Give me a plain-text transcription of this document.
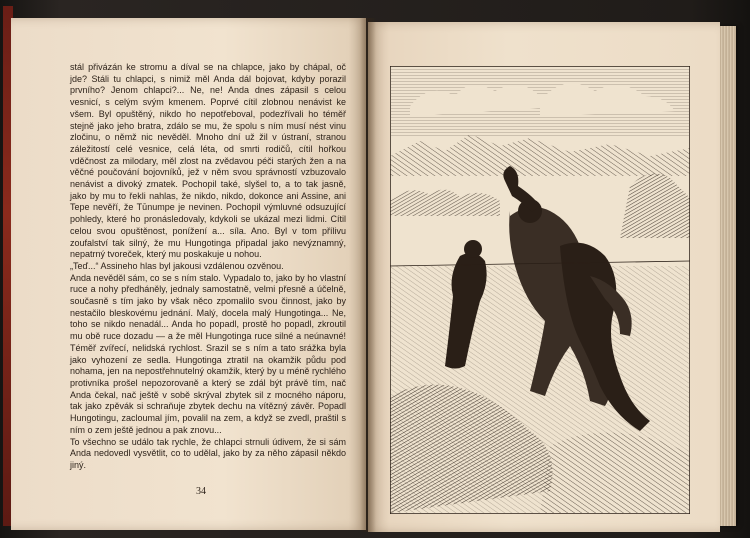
stál přivázán ke stromu a díval se na chlapce, jako by chápal, oč jde? Stáli tu chlapci, s nimiž měl Anda dál bojovat, kdyby porazil prvního? Jenom chlapci?... Ne, ne! Anda dnes zápasil s celou vesnicí, s celým svým kmenem. Poprvé cítil zlobnou nenávist ke všem. Byl opuštěný, nikdo ho nepotřeboval, podezřívali ho téměř stejně jako jeho bratra, zdálo se mu, že spolu s ním musí nést vinu zločinu, o němž nic nevěděl. Mnoho dní už žil v ústraní, stranou záležitostí celé vesnice, celá léta, od smrti rodičů, cítil hořkou vděčnost za milodary, měl zlost na zvědavou péči starých žen a na věčné poučování bojovníků, jež v něm svou správností vzbuzovalo nenávist a divoký zmatek. Pochopil také, slyšel to, a to tak jasně, jako by mu to řekli nahlas, že nikdo, nikdo, dokonce ani Assine, ani Tepe nevěří, že Tūnumpe je nevinen. Pochopil výmluvné odsuzující pohledy, které ho pronásledovaly, kdykoli se ukázal mezi lidmi. Cítil celou svou opuštěnost, ponížení a... síla. Ano. Byl v tom přílivu zoufalství tak silný, že mu Hungotinga připadal jako nevýznamný, nepatrný tvoreček, který mu poskakuje u nohou.

„Teď...“ Assineho hlas byl jakousi vzdálenou ozvěnou.

Anda nevěděl sám, co se s ním stalo. Vypadalo to, jako by ho vlastní ruce a nohy předháněly, jednaly samostatně, velmi přesně a účelně, současně s tím jako by však něco zpomalilo svou činnost, jako by nestačilo bleskovému jednání. Malý, docela malý Hungotinga... Ne, toho se nikdo nenadál... Anda ho popadl, prostě ho popadl, zkroutil mu obě ruce dozadu — a že měl Hungotinga ruce silné a neúnavné! Téměř zvířecí, nelidská rychlost. Srazil se s ním a tato srážka byla jako vyhození ze sedla. Hungotinga ztratil na okamžik půdu pod nohama, jen na nepostřehnutelný okamžik, který by u méně rychlého protivníka prošel nepozorovaně a který se zdál být právě tím, nač Anda čekal, nač ještě v sobě skrýval zbytek sil z mocného náporu, tak jako zpěvák si schraňuje zbytek dechu na vítězný závěr. Popadl Hungotingu, zacloumal jím, povalil na zem, a když se zvedl, praštil s ním o zem ještě jednou a pak znovu...

To všechno se událo tak rychle, že chlapci strnuli údivem, že si sám Anda nedovedl vysvětlit, co to udělal, jako by za něho zápasil někdo jiný.

34
